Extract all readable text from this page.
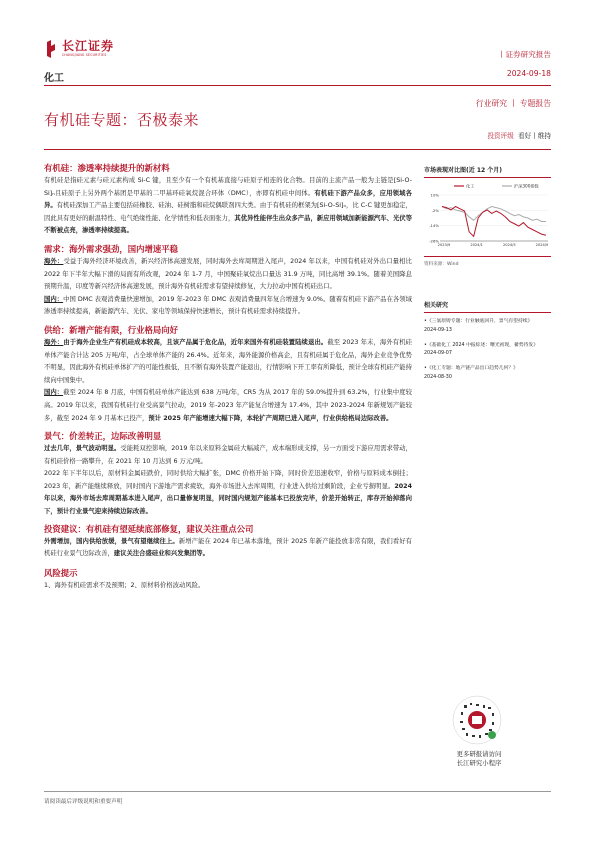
长江证券
CHANGJIANG SECURITIES	丨证券研究报告
2024-09-18
化工
行业研究 丨 专题报告
有机硅专题：否极泰来
投资评级 看好丨维持
有机硅：渗透率持续提升的新材料
有机硅是指硅元素与硅元素构成 Si-C 键，且至少有一个有机基直接与硅原子相连的化合物。目前的主流产品一般为主链是[Si-O-Si]ₙ且硅原子上另外两个基团是甲基的二甲基环硅氧烷混合环体（DMC），亦即有机硅中间体。有机硅下游产品众多，应用领域各异。有机硅深加工产品主要包括硅橡胶、硅油、硅树脂和硅烷偶联剂四大类。由于有机硅的框架为[Si-O-Si]ₙ，比 C-C 键更加稳定，因此具有更好的耐温特性、电气绝缘性能、化学情性和低表面张力，其优异性能伴生出众多产品，新应用领域加新能源汽车、光伏等不断被点亮，渗透率持续提高。
需求：海外需求强劲，国内增速平稳
海外：受益于海外经济环境改善，新兴经济体高速发展，同时海外去库周期进入尾声，2024 年以来，中国有机硅对外出口量相比 2022 年下半年大幅下滑的局面有所改观，2024 年 1-7 月，中国聚硅氧烷出口量达 31.9 万吨，同比高增 39.1%。随着美国降息预期升温，印度等新兴经济体高速发展，预计海外有机硅需求有望持续修复，大力拉动中国有机硅出口。
国内：中国 DMC 表观消费量快速增加，2019 年-2023 年 DMC 表观消费量四年复合增速为 9.0%。随着有机硅下游产品在各领域渗透率持续提高，新能源汽车、光伏、家电等领域保持快速增长，预计有机硅需求持续提升。
供给：新增产能有限，行业格局向好
海外：由于海外企业生产有机硅成本较高，且该产品属于危化品，近年来国外有机硅装置陆续退出。截至 2023 年末，海外有机硅单体产能合计达 205 万吨/年，占全球单体产能的 26.4%。近年来，海外能源价格高企，且有机硅属于危化品，海外企业竞争优势不明显，因此海外有机硅单体扩产的可能性极低，且不断有海外装置产能退出，行情影响下开工率有所降低，预计全球有机硅产能持续向中国集中。
国内：截至 2024 年 8 月底，中国有机硅单体产能达到 638 万吨/年，CR5 为从 2017 年的 59.0%提升到 63.2%，行业集中度较高。2019 年以来，我国有机硅行业受高景气拉动，2019 年-2023 年产能复合增速为 17.4%，其中 2023-2024 年新规划产能较多，截至 2024 年 9 月基本已投产，预计 2025 年产能增速大幅下降，本轮扩产周期已进入尾声，行业供给格局边际改善。
景气：价差转正，边际改善明显
过去几年，景气波动明显。受能耗双控影响，2019 年以来原料金属硅大幅减产，成本端形成支撑，另一方面受下游应用需求带动，有机硅价格一路攀升，在 2021 年 10 月达到 6 万元/吨。
2022 年下半年以后，原材料金属硅跌价，同时供给大幅扩张，DMC 价格开始下降，同时价差迅速收窄，价格与原料成本倒挂；2023 年，新产能继续释放，同时国内下游地产需求疲软，海外市场进入去库周期，行业进入供给过剩阶段，企业亏损明显。2024 年以来，海外市场去库周期基本进入尾声，出口量修复明显，同时国内规划产能基本已投放完毕，价差开始转正，库存开始掉落向下，预计行业景气迎来持续边际改善。
投资建议：有机硅有望延续底部修复，建议关注重点公司
外需增加，国内供给放缓，景气有望继续往上。新增产能在 2024 年已基本落地，预计 2025 年新产能投放非常有限，我们看好有机硅行业景气边际改善，建议关注合盛硅业和兴发集团等。
风险提示
1、海外有机硅需求不及预期；2、原材料价格波动风险。
市场表现对比图(近 12 个月)
化工	沪深300指数
10%
-2%
-14%
-26%
2023/9	2024/1	2024/5	2024/9
资料来源：Wind
相关研究
•《三氯原铸专题：行业触底回升，景气有望持续》
2024-09-13
•《基础化工 2024 中报综述：曙光初现，蓄势待发》
2024-09-07
•《化工专题：地产链产品出口趋势几何？》
2024-08-30
更多研报请访问
长江研究小程序
请阅读最后评级说明和重要声明
